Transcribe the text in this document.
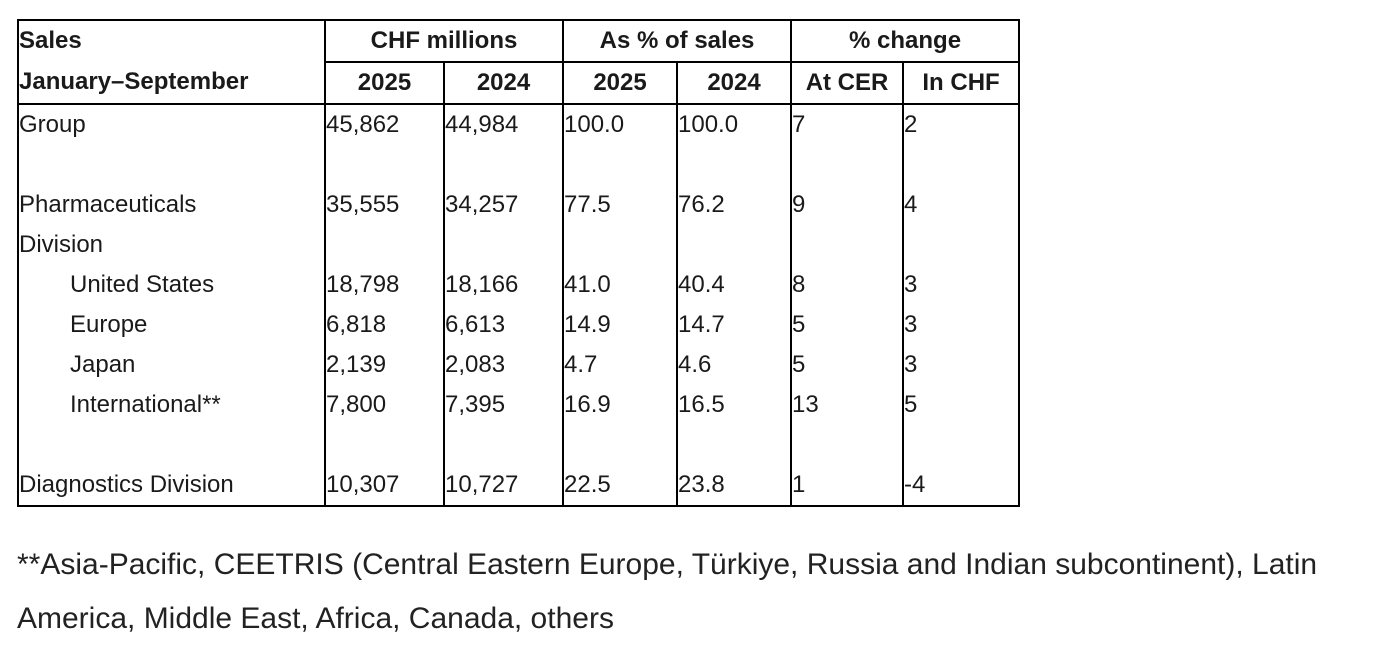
Sales	CHF millions		As % of sales		% change	
January–September	2025	2024	2025	2024	At CER	In CHF
Group	45,862	44,984	100.0	100.0	7	2

Pharmaceuticals	35,555	34,257	77.5	76.2	9	4
Division						
United States	18,798	18,166	41.0	40.4	8	3
Europe	6,818	6,613	14.9	14.7	5	3
Japan	2,139	2,083	4.7	4.6	5	3
International**	7,800	7,395	16.9	16.5	13	5

Diagnostics Division	10,307	10,727	22.5	23.8	1	-4
**Asia-Pacific, CEETRIS (Central Eastern Europe, Türkiye, Russia and Indian subcontinent), Latin America, Middle East, Africa, Canada, others
